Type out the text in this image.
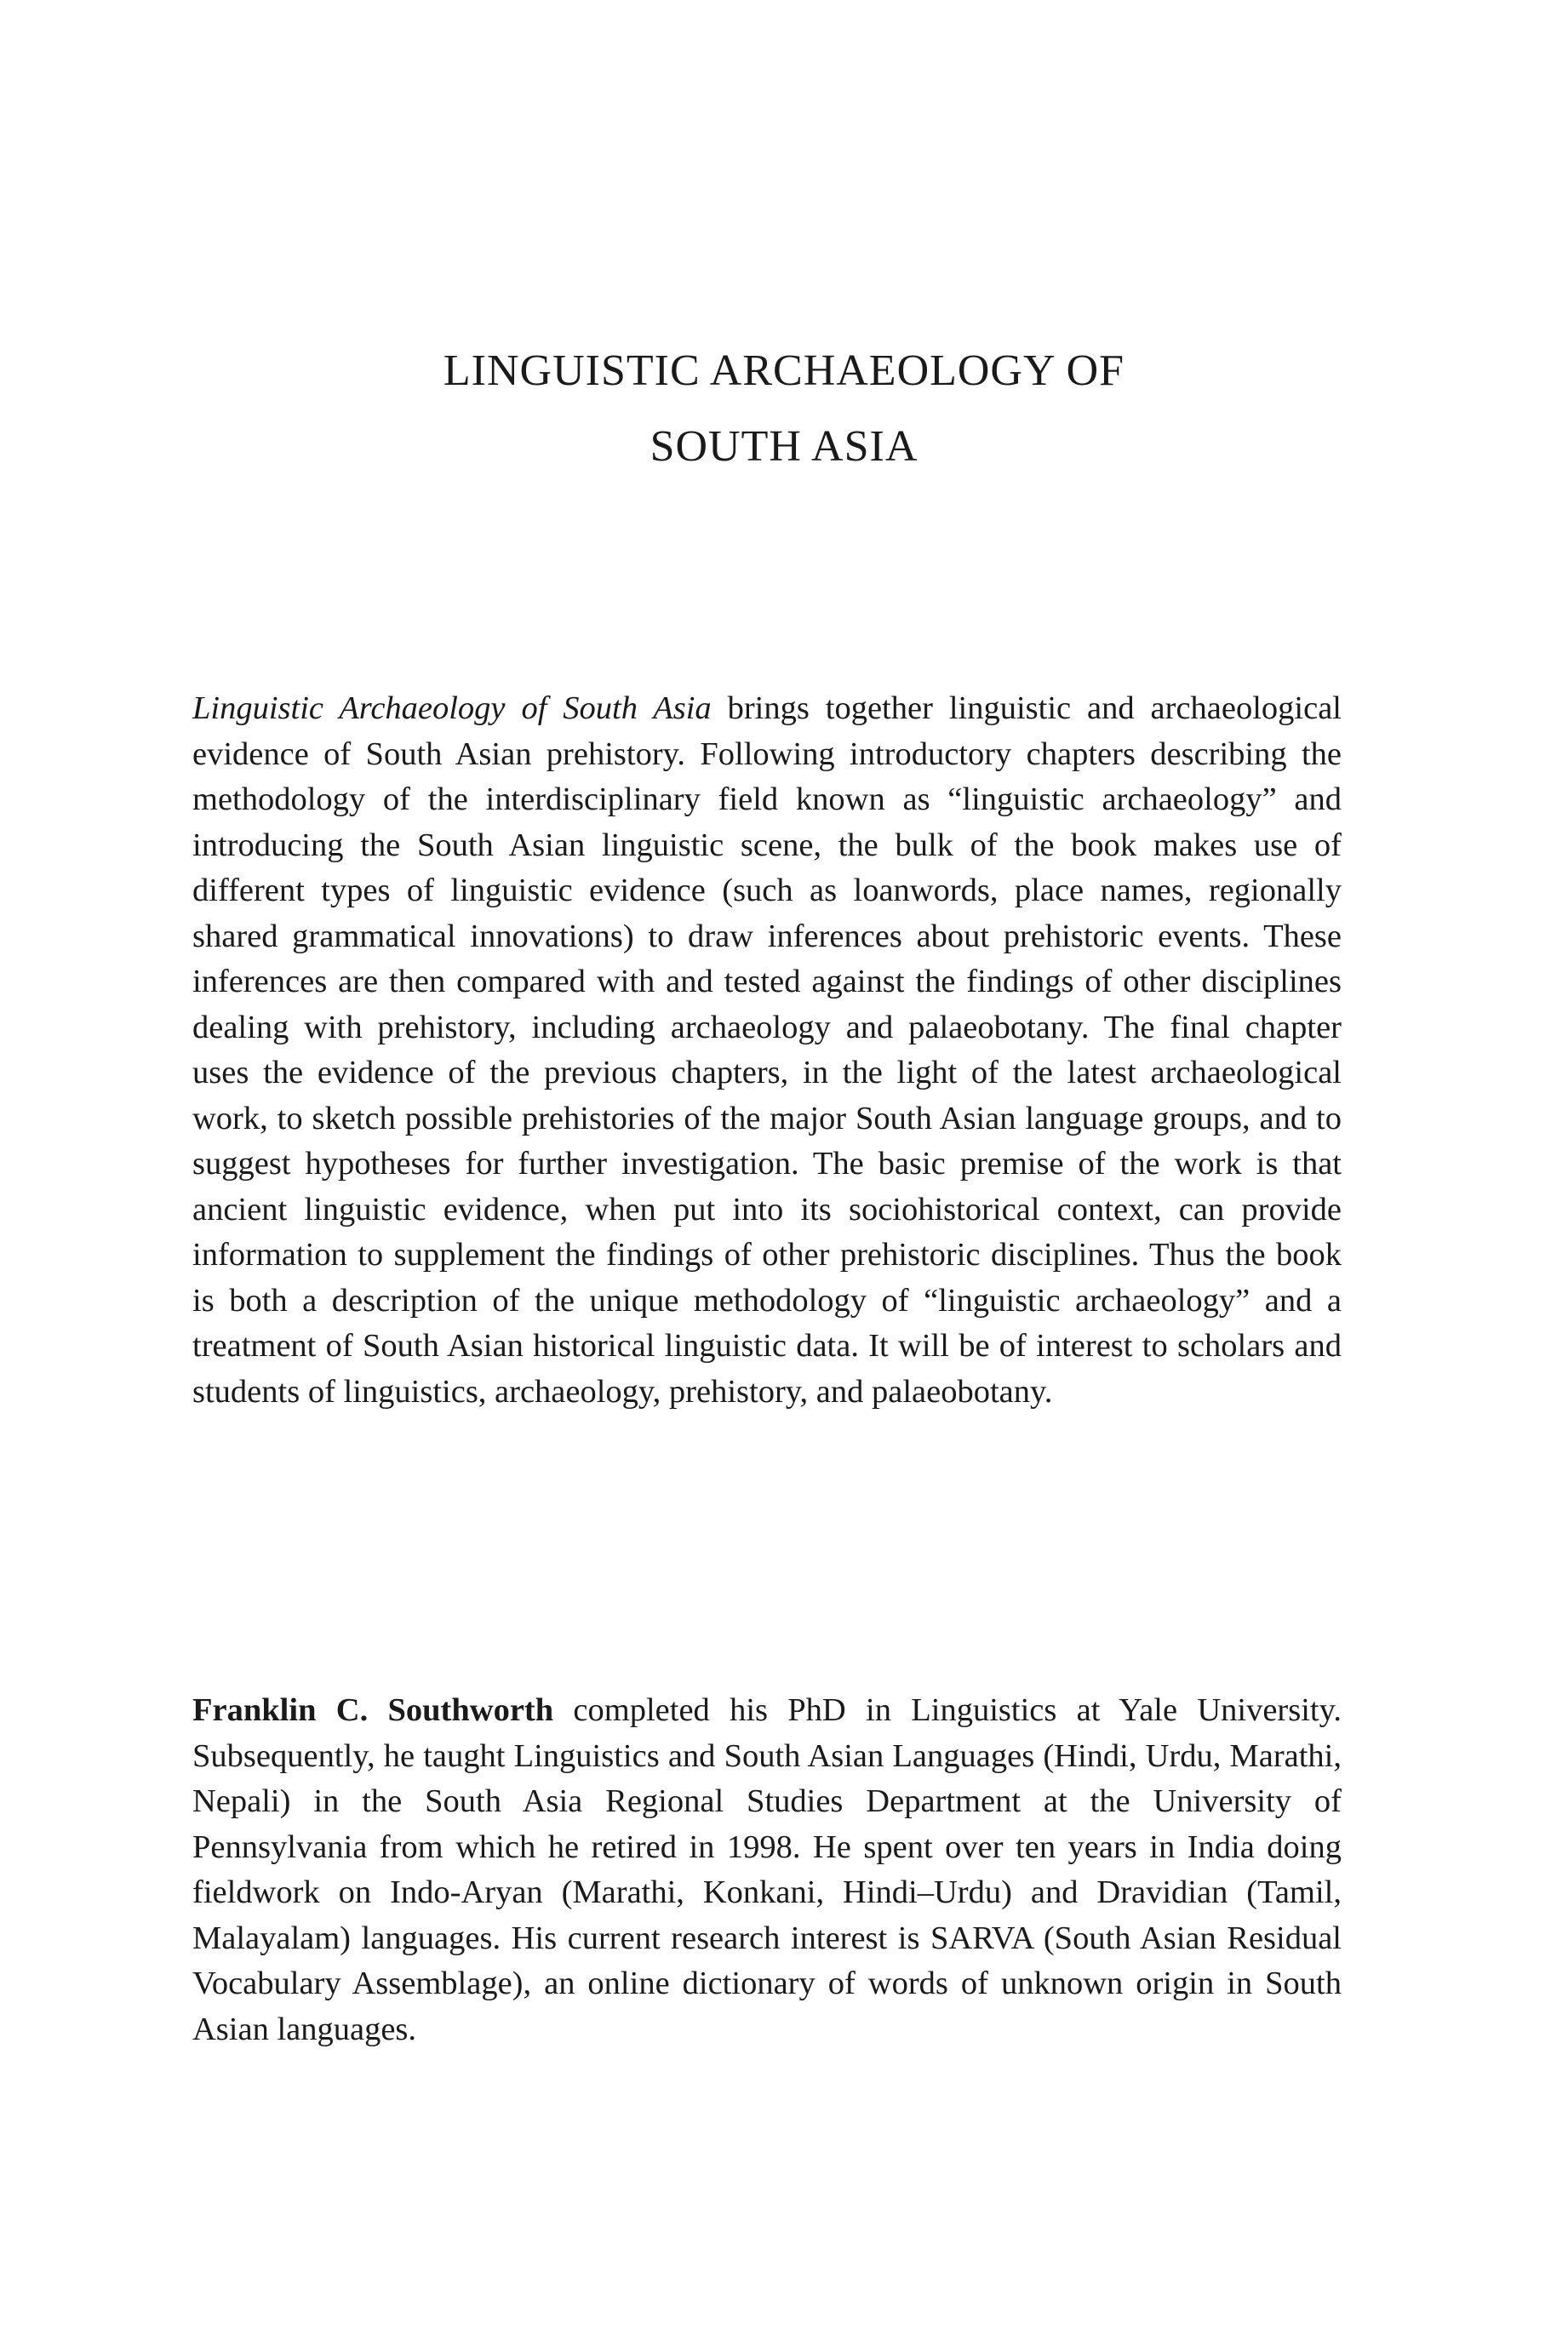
LINGUISTIC ARCHAEOLOGY OF
SOUTH ASIA

Linguistic Archaeology of South Asia brings together linguistic and archaeological evidence of South Asian prehistory. Following introductory chapters describing the methodology of the interdisciplinary field known as “linguistic archaeology” and introducing the South Asian linguistic scene, the bulk of the book makes use of different types of linguistic evidence (such as loanwords, place names, regionally shared grammatical innovations) to draw inferences about prehistoric events. These inferences are then compared with and tested against the findings of other disciplines dealing with prehistory, including archaeology and palaeobotany. The final chapter uses the evidence of the previous chapters, in the light of the latest archaeological work, to sketch possible prehistories of the major South Asian language groups, and to suggest hypotheses for further investigation. The basic premise of the work is that ancient linguistic evidence, when put into its sociohistorical context, can provide information to supplement the findings of other prehistoric disciplines. Thus the book is both a description of the unique methodology of “linguistic archaeology” and a treatment of South Asian historical linguistic data. It will be of interest to scholars and students of linguistics, archaeology, prehistory, and palaeobotany.

Franklin C. Southworth completed his PhD in Linguistics at Yale University. Subsequently, he taught Linguistics and South Asian Languages (Hindi, Urdu, Marathi, Nepali) in the South Asia Regional Studies Department at the University of Pennsylvania from which he retired in 1998. He spent over ten years in India doing fieldwork on Indo-Aryan (Marathi, Konkani, Hindi–Urdu) and Dravidian (Tamil, Malayalam) languages. His current research interest is SARVA (South Asian Residual Vocabulary Assemblage), an online dictionary of words of unknown origin in South Asian languages.
